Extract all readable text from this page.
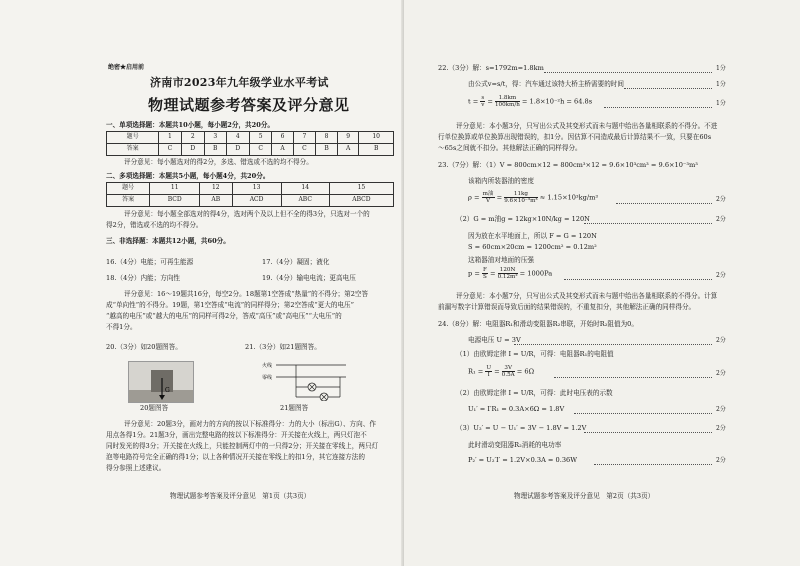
绝密★启用前
济南市2023年九年级学业水平考试
物理试题参考答案及评分意见
一、单项选择题：本题共10小题，每小题2分，共20分。
题号	1	2	3	4	5	6	7	8	9	10
答案	C	D	B	D	C	A	C	B	A	B
评分意见：每小题选对的得2分，多选、错选或不选的均不得分。
二、多项选择题：本题共5小题，每小题4分，共20分。
题号	11	12	13	14	15
答案	BCD	AB	ACD	ABC	ABCD
评分意见：每小题全部选对的得4分，选对两个及以上但不全的得3分，只选对一个的
得2分，错选或不选的均不得分。
三、非选择题：本题共12小题，共60分。
16.（4分）电能；可再生能源	17.（4分）凝固；液化
18.（4分）内能；方向性	19.（4分）输电电流；更高电压
评分意见：16～19题共16分，每空2分。18题第1空答成“热量”的不得分；第2空答
成“单向性”的不得分。19题，第1空答成“电流”的同样得分；第2空答成“更大的电压”
“越高的电压”或“越大的电压”的同样可得2分，答成“高压”或“高电压”“大电压”的
不得1分。
20.（3分）如20题图答。	21.（3分）如21题图答。
G
火线
零线
20题图答	21题图答
评分意见：20题3分，画对力的方向的按以下标准得分：力的大小（标出G）、方向、作
用点各得1分。21题3分，画出完整电路的按以下标准得分：开关接在火线上，两只灯泡不
同时发光的得3分；开关接在火线上，只能控制两灯中的一只得2分；开关接在零线上，两只灯
泡等电路符号完全正确的得1分；以上各种情况开关接在零线上的扣1分，其它连接方法的
得分参照上述建议。
物理试题参考答案及评分意见　第1页（共3页）
22.（3分）解：s=1792m=1.8km	1分
由公式v=s/t，得：汽车通过该特大桥主桥需要的时间	1分
$t = \frac{s}{v} = \frac{1.8km}{100km/h} = 1.8\times 10^{-2}h = 64.8s$	1分
评分意见：本小题3分，只写出公式及其变形式而未与题中给出各量相联系的不得分。不进
行单位换算或单位换算出现错误的，扣1分。因估算不同造成最后计算结果不一致，只要在60s
～65s之间就不扣分。其他解法正确的同样得分。
23.（7分）解：（1）V = 800cm×12 = 800cm³×12 = 9.6×10³cm³ = 9.6×10⁻³m³
该箱内所装器油的密度
$\rho = \frac{\text{m油}}{V} = \frac{11kg}{\text{9.6×10⁻³m³}} \approx 1.15\times 10^3kg/m^3$	2分
（2）G = m油g = 12kg×10N/kg = 120N	2分
因为放在水平地面上，所以 F = G = 120N
S = 60cm×20cm = 1200cm² = 0.12m²
这箱器油对地面的压强
$p = \frac{F}{S} = \frac{120N}{\text{0.12m²}} = 1000Pa$	2分
评分意见：本小题7分，只写出公式及其变形式而未与题中给出各量相联系的不得分。计算
前漏写数字计算错误而导致后面的结果错误的，不重复扣分，其他解法正确的同样得分。
24.（8分）解：电阻器R₁和滑动变阻器R₂串联，开始时R₂阻值为0。
电源电压 U = 3V	2分
（1）由欧姆定律 I = U/R，可得：电阻器R₁的电阻值
$R_1 = \frac{U}{I} = \frac{3V}{0.5A} = 6\Omega$	2分
（2）由欧姆定律 I = U/R，可得：此时电压表的示数
U₁′ = I′R₁ = 0.3A×6Ω = 1.8V	2分
（3）U₂′ = U − U₁′ = 3V − 1.8V = 1.2V	2分
此时滑动变阻器R₂消耗的电功率
P₂′ = U₂′I′ = 1.2V×0.3A = 0.36W	2分
物理试题参考答案及评分意见　第2页（共3页）
